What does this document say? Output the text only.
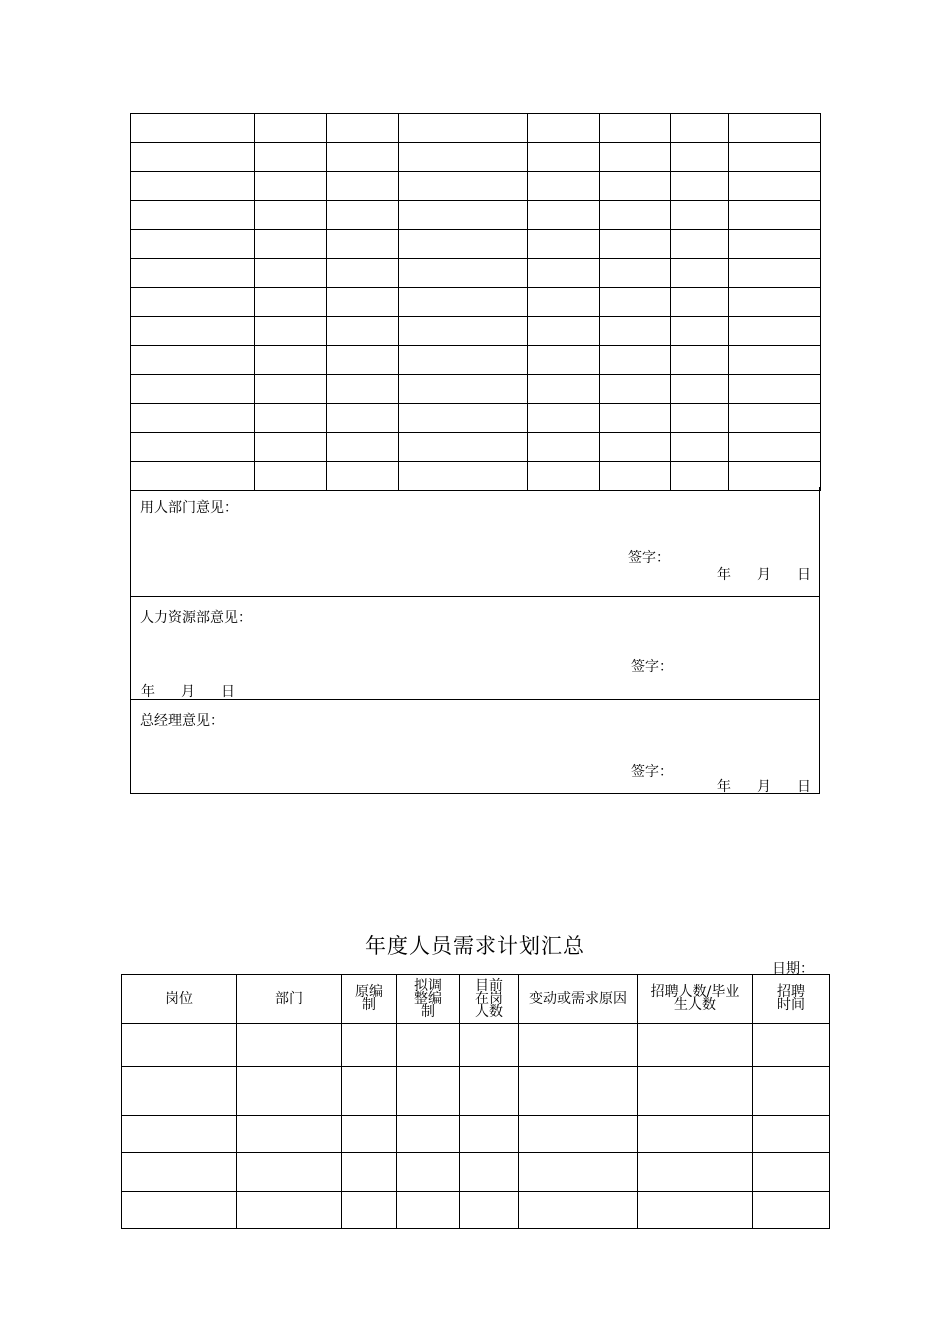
用人部门意见：
签字：
年 月 日
人力资源部意见：
签字：
年 月 日
总经理意见：
签字：
年 月 日
年度人员需求计划汇总
日期：
岗位	部门	原编制	拟调整编制	目前在岗人数	变动或需求原因	招聘人数/毕业生人数	招聘时间
